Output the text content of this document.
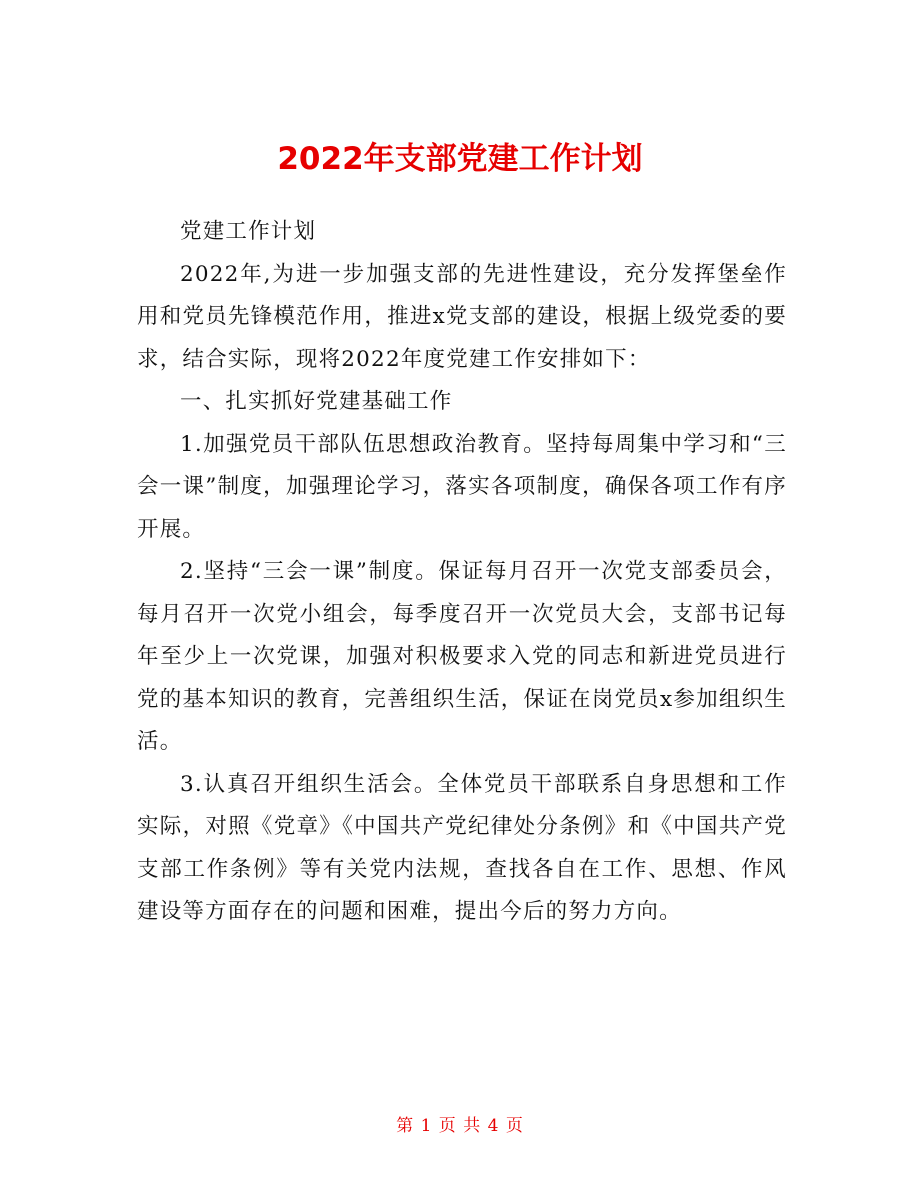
2022年支部党建工作计划

党建工作计划

2022年,为进一步加强支部的先进性建设，充分发挥堡垒作用和党员先锋模范作用，推进x党支部的建设，根据上级党委的要求，结合实际，现将2022年度党建工作安排如下：

一、扎实抓好党建基础工作

1.加强党员干部队伍思想政治教育。坚持每周集中学习和“三会一课”制度，加强理论学习，落实各项制度，确保各项工作有序开展。

2.坚持“三会一课”制度。保证每月召开一次党支部委员会，每月召开一次党小组会，每季度召开一次党员大会，支部书记每年至少上一次党课，加强对积极要求入党的同志和新进党员进行党的基本知识的教育，完善组织生活，保证在岗党员x参加组织生活。

3.认真召开组织生活会。全体党员干部联系自身思想和工作实际，对照《党章》《中国共产党纪律处分条例》和《中国共产党支部工作条例》等有关党内法规，查找各自在工作、思想、作风建设等方面存在的问题和困难，提出今后的努力方向。

第 1 页 共 4 页
